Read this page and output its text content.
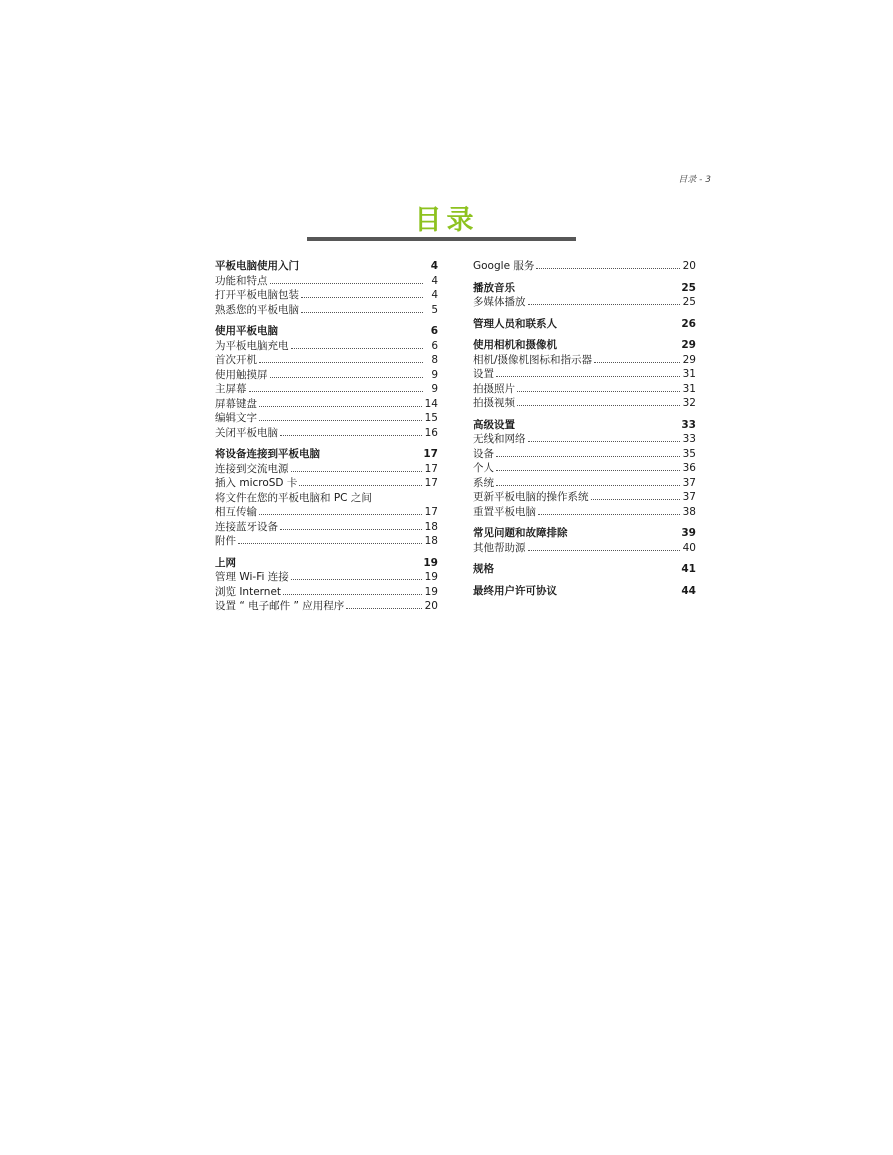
目录 - 3
目录
平板电脑使用入门	4
功能和特点	4
打开平板电脑包装	4
熟悉您的平板电脑	5
使用平板电脑	6
为平板电脑充电	6
首次开机	8
使用触摸屏	9
主屏幕	9
屏幕键盘	14
编辑文字	15
关闭平板电脑	16
将设备连接到平板电脑	17
连接到交流电源	17
插入 microSD 卡	17
将文件在您的平板电脑和 PC 之间
相互传输	17
连接蓝牙设备	18
附件	18
上网	19
管理 Wi-Fi 连接	19
浏览 Internet	19
设置 “ 电子邮件 ” 应用程序	20
Google 服务	20
播放音乐	25
多媒体播放	25
管理人员和联系人	26
使用相机和摄像机	29
相机/摄像机图标和指示器	29
设置	31
拍摄照片	31
拍摄视频	32
高级设置	33
无线和网络	33
设备	35
个人	36
系统	37
更新平板电脑的操作系统	37
重置平板电脑	38
常见问题和故障排除	39
其他帮助源	40
规格	41
最终用户许可协议	44
